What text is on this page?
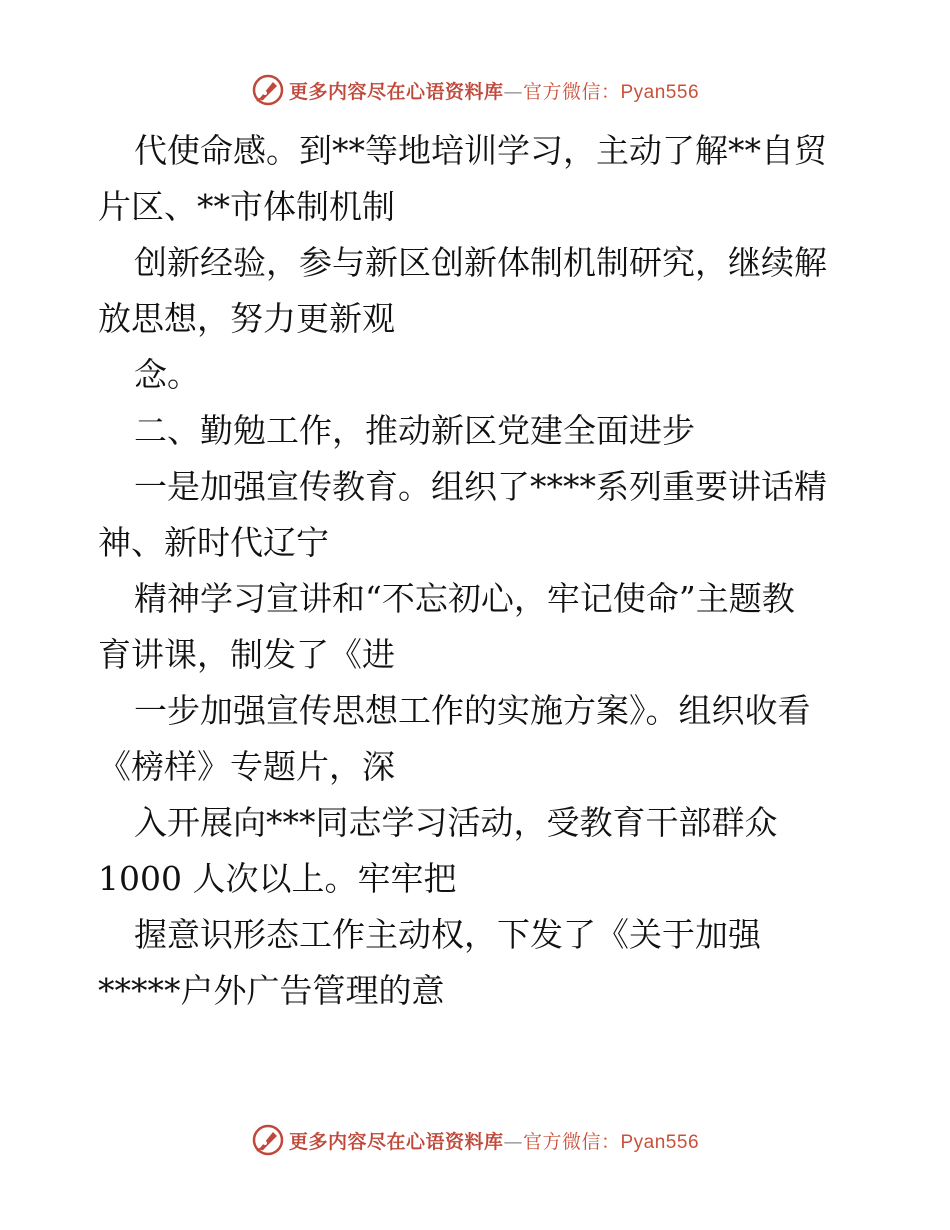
更多内容尽在心语资料库—官方微信：Pyan556
代使命感。到**等地培训学习，主动了解**自贸
片区、**市体制机制
创新经验，参与新区创新体制机制研究，继续解
放思想，努力更新观
念。
二、勤勉工作，推动新区党建全面进步
一是加强宣传教育。组织了****系列重要讲话精
神、新时代辽宁
精神学习宣讲和“不忘初心，牢记使命”主题教
育讲课，制发了《进
一步加强宣传思想工作的实施方案》。组织收看
《榜样》专题片，深
入开展向***同志学习活动，受教育干部群众
1000 人次以上。牢牢把
握意识形态工作主动权，下发了《关于加强
*****户外广告管理的意
更多内容尽在心语资料库—官方微信：Pyan556
